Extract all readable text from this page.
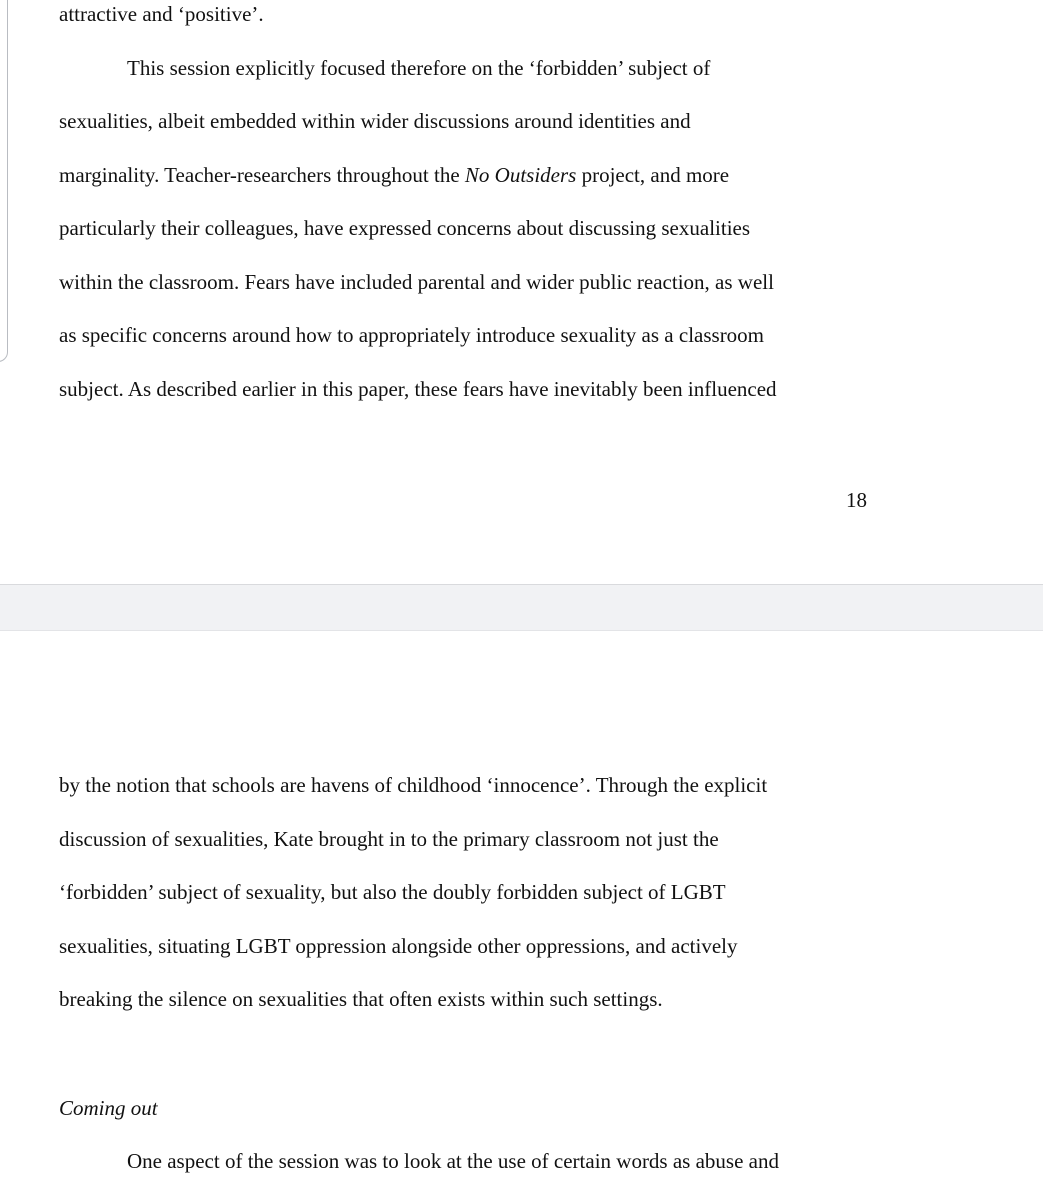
attractive and ‘positive’.

This session explicitly focused therefore on the ‘forbidden’ subject of

sexualities, albeit embedded within wider discussions around identities and

marginality. Teacher-researchers throughout the No Outsiders project, and more

particularly their colleagues, have expressed concerns about discussing sexualities

within the classroom. Fears have included parental and wider public reaction, as well

as specific concerns around how to appropriately introduce sexuality as a classroom

subject. As described earlier in this paper, these fears have inevitably been influenced

18

by the notion that schools are havens of childhood ‘innocence’. Through the explicit

discussion of sexualities, Kate brought in to the primary classroom not just the

‘forbidden’ subject of sexuality, but also the doubly forbidden subject of LGBT

sexualities, situating LGBT oppression alongside other oppressions, and actively

breaking the silence on sexualities that often exists within such settings.

Coming out

One aspect of the session was to look at the use of certain words as abuse and
